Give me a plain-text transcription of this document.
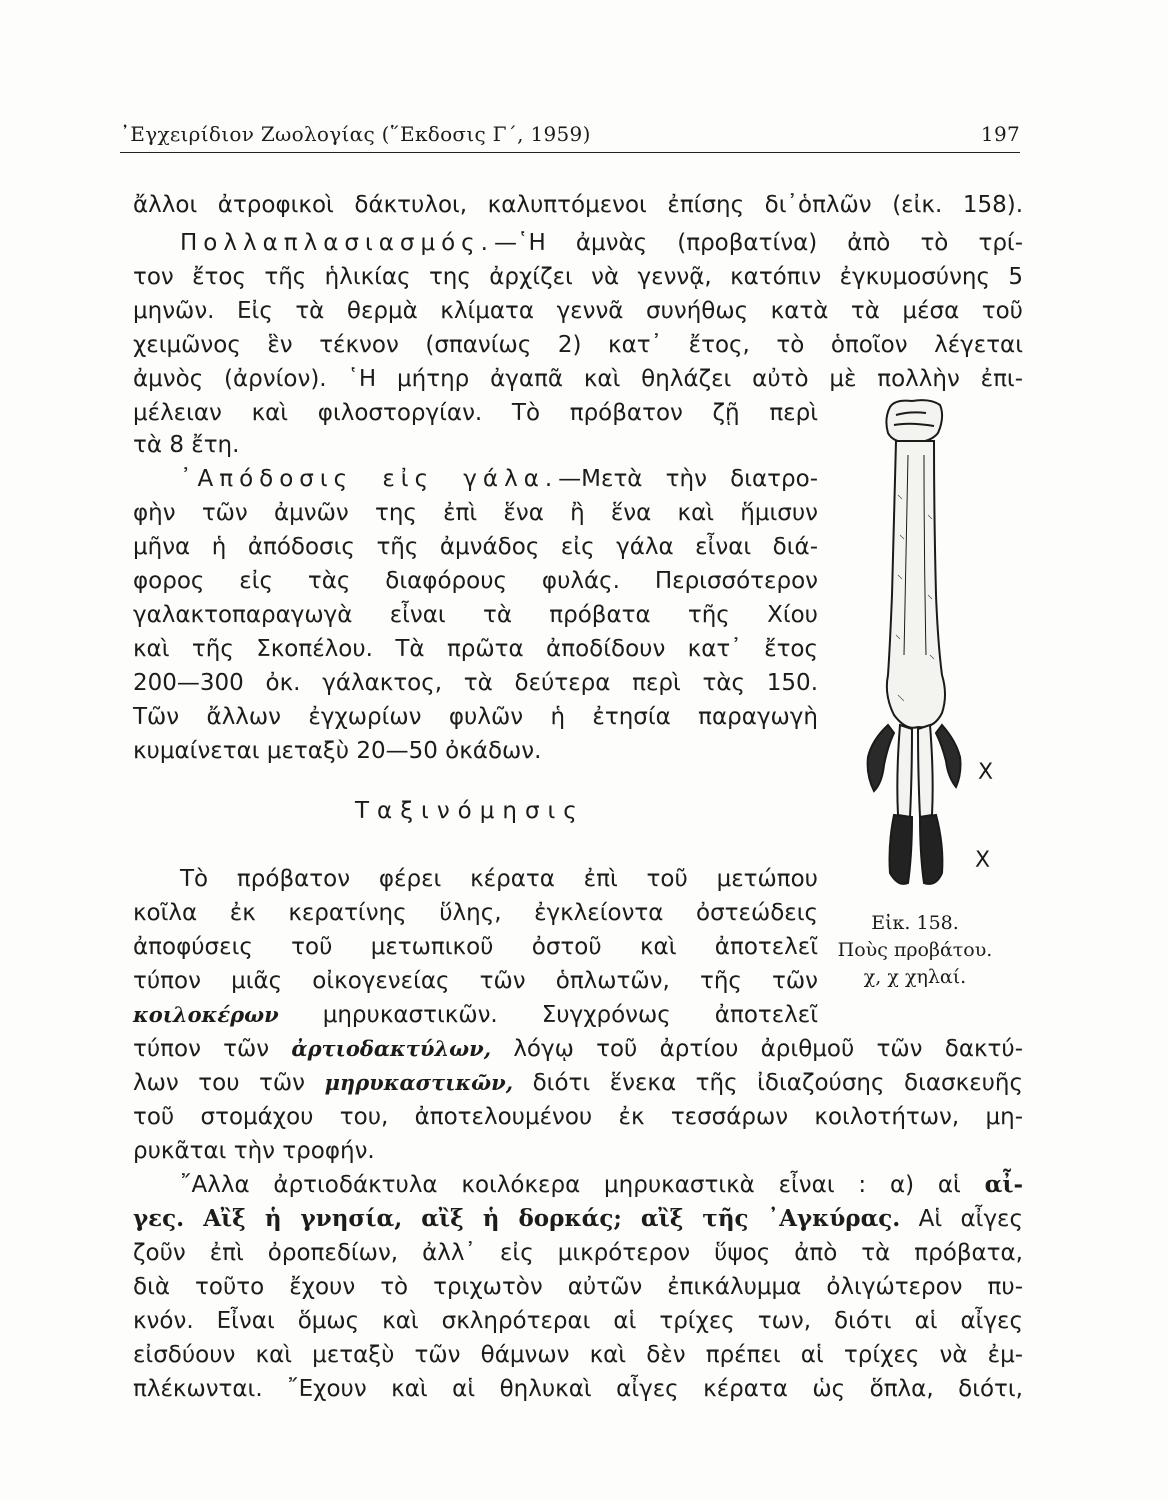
᾿Εγχειρίδιον Ζωολογίας (῞Εκδοσις Γ΄, 1959)	197
ἄλλοι ἀτροφικοὶ δάκτυλοι, καλυπτόμενοι ἐπίσης δι᾿ὁπλῶν (εἰκ. 158).
Πολλαπλασιασμός.—῾Η ἀμνὰς (προβατίνα) ἀπὸ τὸ τρί-
τον ἔτος τῆς ἡλικίας της ἀρχίζει νὰ γεννᾷ, κατόπιν ἐγκυμοσύνης 5
μηνῶν. Εἰς τὰ θερμὰ κλίματα γεννᾶ συνήθως κατὰ τὰ μέσα τοῦ
χειμῶνος ἓν τέκνον (σπανίως 2) κατ᾿ ἔτος, τὸ ὁποῖον λέγεται
ἀμνὸς (ἀρνίον). ῾Η μήτηρ ἀγαπᾶ καὶ θηλάζει αὐτὸ μὲ πολλὴν ἐπι-
μέλειαν καὶ φιλοστοργίαν. Τὸ πρόβατον ζῇ περὶ
τὰ 8 ἔτη.
᾿Απόδοσις εἰς γάλα.—Μετὰ τὴν διατρο-
φὴν τῶν ἀμνῶν της ἐπὶ ἕνα ἢ ἕνα καὶ ἥμισυν
μῆνα ἡ ἀπόδοσις τῆς ἀμνάδος εἰς γάλα εἶναι διά-
φορος εἰς τὰς διαφόρους φυλάς. Περισσότερον
γαλακτοπαραγωγὰ εἶναι τὰ πρόβατα τῆς Χίου
καὶ τῆς Σκοπέλου. Τὰ πρῶτα ἀποδίδουν κατ᾿ ἔτος
200—300 ὀκ. γάλακτος, τὰ δεύτερα περὶ τὰς 150.
Τῶν ἄλλων ἐγχωρίων φυλῶν ἡ ἐτησία παραγωγὴ
κυμαίνεται μεταξὺ 20—50 ὀκάδων.
Ταξινόμησις
Τὸ πρόβατον φέρει κέρατα ἐπὶ τοῦ μετώπου
κοῖλα ἐκ κερατίνης ὕλης, ἐγκλείοντα ὀστεώδεις
ἀποφύσεις τοῦ μετωπικοῦ ὀστοῦ καὶ ἀποτελεῖ
τύπον μιᾶς οἰκογενείας τῶν ὁπλωτῶν, τῆς τῶν
κοιλοκέρων μηρυκαστικῶν. Συγχρόνως ἀποτελεῖ
τύπον τῶν ἀρτιοδακτύλων, λόγῳ τοῦ ἀρτίου ἀριθμοῦ τῶν δακτύ-
λων του τῶν μηρυκαστικῶν, διότι ἕνεκα τῆς ἰδιαζούσης διασκευῆς
τοῦ στομάχου του, ἀποτελουμένου ἐκ τεσσάρων κοιλοτήτων, μη-
ρυκᾶται τὴν τροφήν.
῎Αλλα ἀρτιοδάκτυλα κοιλόκερα μηρυκαστικὰ εἶναι : α) αἱ αἶ-
γες. Αἲξ ἡ γνησία, αἲξ ἡ δορκάς; αἲξ τῆς ᾿Αγκύρας. Αἱ αἶγες
ζοῦν ἐπὶ ὀροπεδίων, ἀλλ᾿ εἰς μικρότερον ὕψος ἀπὸ τὰ πρόβατα,
διὰ τοῦτο ἔχουν τὸ τριχωτὸν αὐτῶν ἐπικάλυμμα ὀλιγώτερον πυ-
κνόν. Εἶναι ὅμως καὶ σκληρότεραι αἱ τρίχες των, διότι αἱ αἶγες
εἰσδύουν καὶ μεταξὺ τῶν θάμνων καὶ δὲν πρέπει αἱ τρίχες νὰ ἐμ-
πλέκωνται. ῎Εχουν καὶ αἱ θηλυκαὶ αἶγες κέρατα ὡς ὅπλα, διότι,
Χ
Χ
Εἰκ. 158.
Ποὺς προβάτου.
χ, χ χηλαί.
